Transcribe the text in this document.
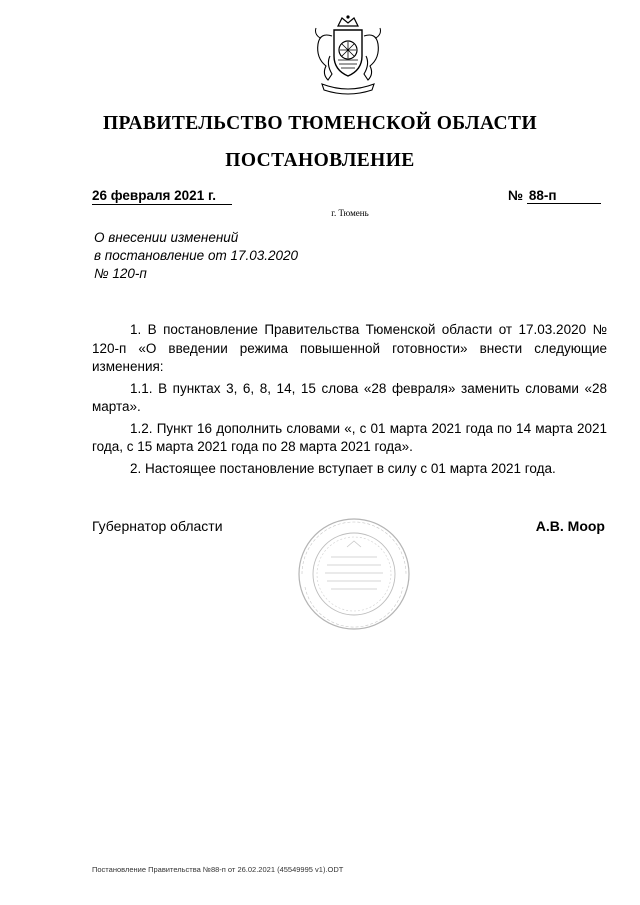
ПРАВИТЕЛЬСТВО ТЮМЕНСКОЙ ОБЛАСТИ
ПОСТАНОВЛЕНИЕ
26 февраля 2021 г.	№ 88-п
г. Тюмень
О внесении изменений
в постановление от 17.03.2020
№ 120-п

1. В постановление Правительства Тюменской области от 17.03.2020 № 120-п «О введении режима повышенной готовности» внести следующие изменения:

1.1. В пунктах 3, 6, 8, 14, 15 слова «28 февраля» заменить словами «28 марта».

1.2. Пункт 16 дополнить словами «, с 01 марта 2021 года по 14 марта 2021 года, с 15 марта 2021 года по 28 марта 2021 года».

2. Настоящее постановление вступает в силу с 01 марта 2021 года.

Губернатор области	А.В. Моор
Постановление Правительства №88-п от 26.02.2021 (45549995 v1).ODT
